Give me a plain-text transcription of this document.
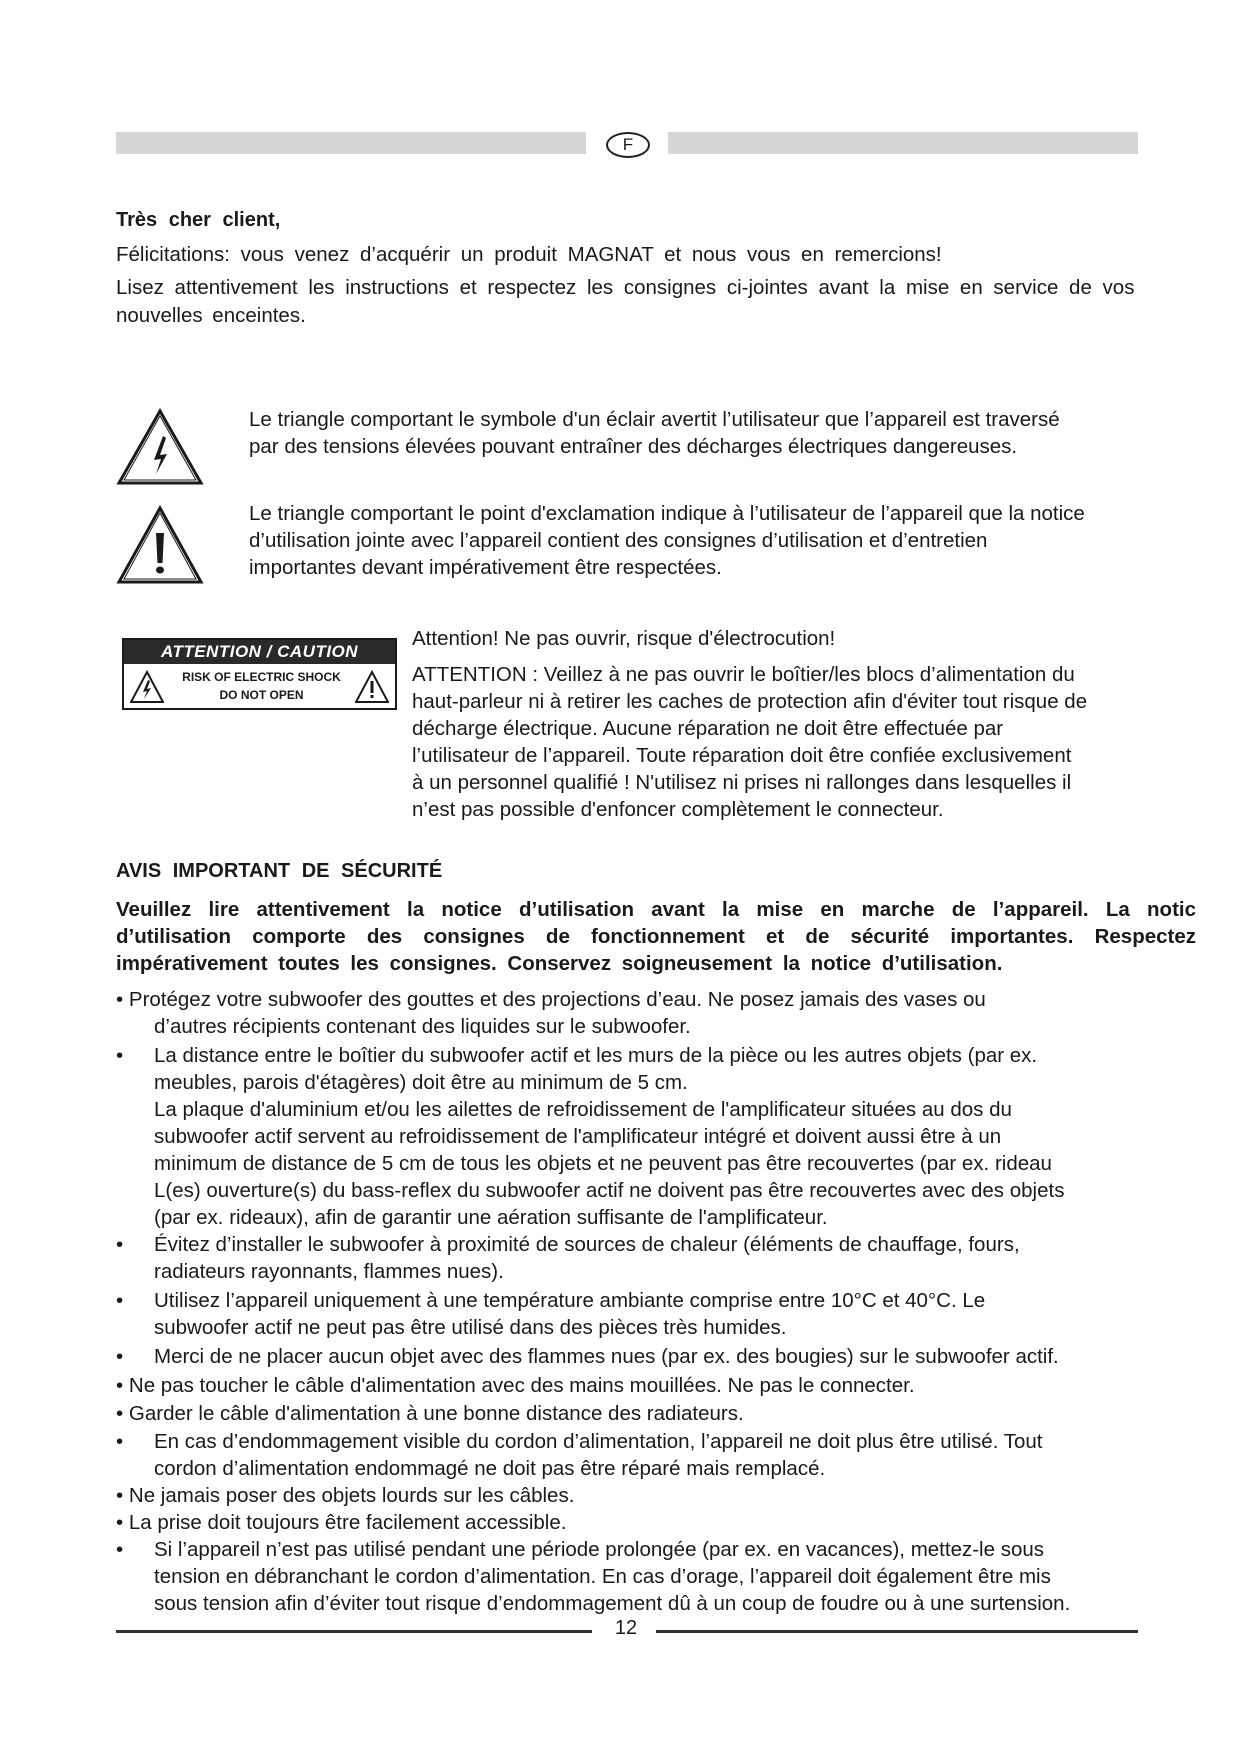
F
Très cher client,
Félicitations: vous venez d’acquérir un produit MAGNAT et nous vous en remercions!
Lisez attentivement les instructions et respectez les consignes ci-jointes avant la mise en service de vos
nouvelles enceintes.
Le triangle comportant le symbole d'un éclair avertit l’utilisateur que l’appareil est traversé
par des tensions élevées pouvant entraîner des décharges électriques dangereuses.
Le triangle comportant le point d'exclamation indique à l’utilisateur de l’appareil que la notice
d’utilisation jointe avec l’appareil contient des consignes d’utilisation et d’entretien
importantes devant impérativement être respectées.
ATTENTION / CAUTION
RISK OF ELECTRIC SHOCK
DO NOT OPEN
Attention! Ne pas ouvrir, risque d'électrocution!
ATTENTION : Veillez à ne pas ouvrir le boîtier/les blocs d’alimentation du
haut-parleur ni à retirer les caches de protection afin d'éviter tout risque de
décharge électrique. Aucune réparation ne doit être effectuée par
l’utilisateur de l’appareil. Toute réparation doit être confiée exclusivement
à un personnel qualifié ! N'utilisez ni prises ni rallonges dans lesquelles il
n’est pas possible d'enfoncer complètement le connecteur.
AVIS IMPORTANT DE SÉCURITÉ
Veuillez lire attentivement la notice d’utilisation avant la mise en marche de l’appareil. La notic
d’utilisation comporte des consignes de fonctionnement et de sécurité importantes. Respectez
impérativement toutes les consignes. Conservez soigneusement la notice d’utilisation.
• Protégez votre subwoofer des gouttes et des projections d’eau. Ne posez jamais des vases ou
d’autres récipients contenant des liquides sur le subwoofer.
• La distance entre le boîtier du subwoofer actif et les murs de la pièce ou les autres objets (par ex.
meubles, parois d'étagères) doit être au minimum de 5 cm.
La plaque d'aluminium et/ou les ailettes de refroidissement de l'amplificateur situées au dos du
subwoofer actif servent au refroidissement de l'amplificateur intégré et doivent aussi être à un
minimum de distance de 5 cm de tous les objets et ne peuvent pas être recouvertes (par ex. rideau
L(es) ouverture(s) du bass-reflex du subwoofer actif ne doivent pas être recouvertes avec des objets
(par ex. rideaux), afin de garantir une aération suffisante de l'amplificateur.
• Évitez d’installer le subwoofer à proximité de sources de chaleur (éléments de chauffage, fours,
radiateurs rayonnants, flammes nues).
• Utilisez l’appareil uniquement à une température ambiante comprise entre 10°C et 40°C. Le
subwoofer actif ne peut pas être utilisé dans des pièces très humides.
• Merci de ne placer aucun objet avec des flammes nues (par ex. des bougies) sur le subwoofer actif.
• Ne pas toucher le câble d'alimentation avec des mains mouillées. Ne pas le connecter.
• Garder le câble d'alimentation à une bonne distance des radiateurs.
• En cas d’endommagement visible du cordon d’alimentation, l’appareil ne doit plus être utilisé. Tout
cordon d’alimentation endommagé ne doit pas être réparé mais remplacé.
• Ne jamais poser des objets lourds sur les câbles.
• La prise doit toujours être facilement accessible.
• Si l’appareil n’est pas utilisé pendant une période prolongée (par ex. en vacances), mettez-le sous
tension en débranchant le cordon d’alimentation. En cas d’orage, l’appareil doit également être mis
sous tension afin d’éviter tout risque d’endommagement dû à un coup de foudre ou à une surtension.
12
